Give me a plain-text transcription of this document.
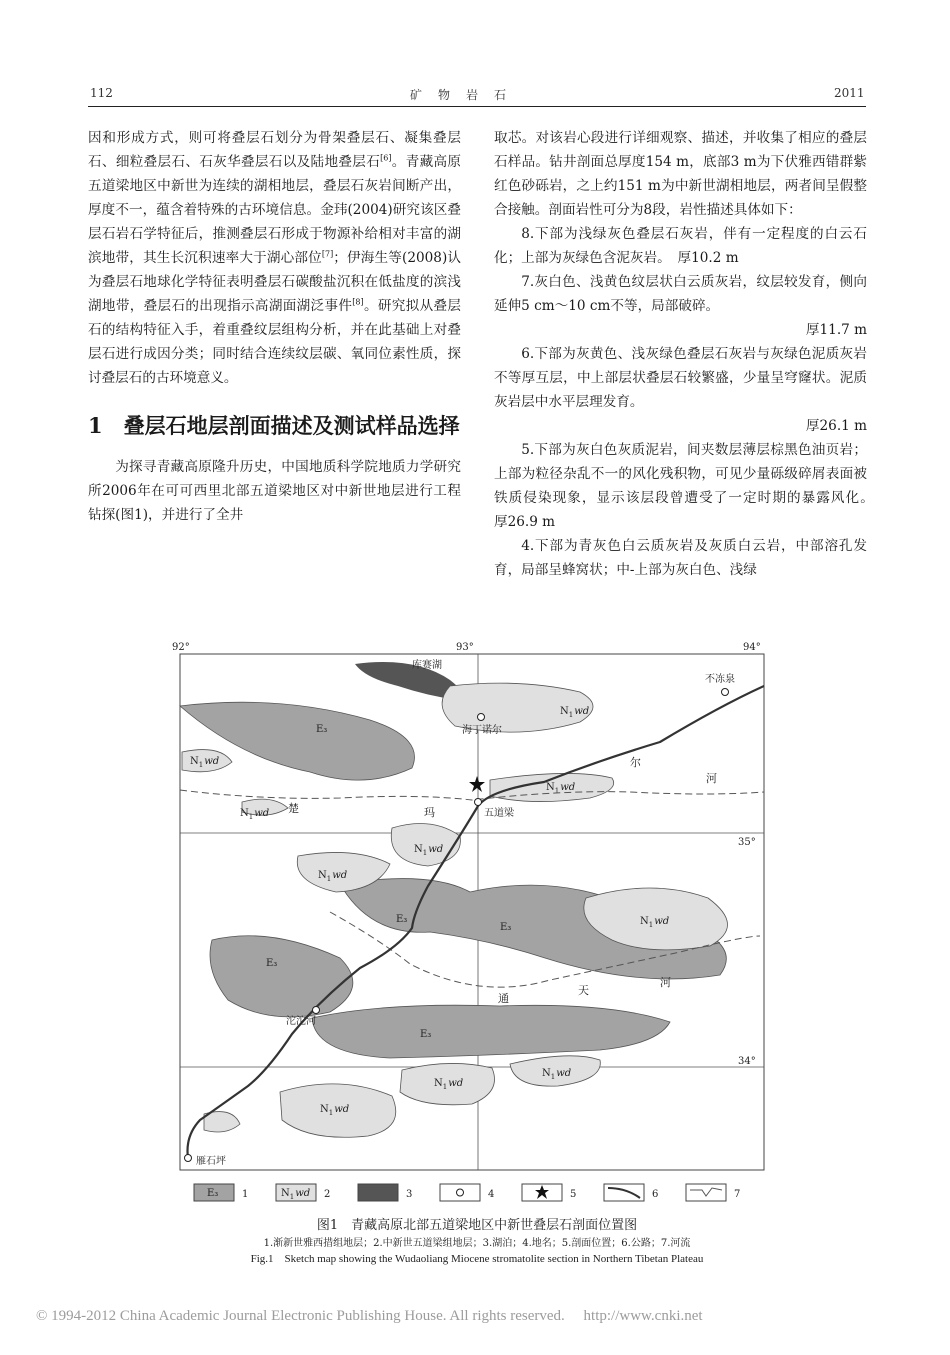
112	矿　物　岩　石	2011

因和形成方式，则可将叠层石划分为骨架叠层石、凝集叠层石、细粒叠层石、石灰华叠层石以及陆地叠层石[6]。青藏高原五道梁地区中新世为连续的湖相地层，叠层石灰岩间断产出，厚度不一，蕴含着特殊的古环境信息。金玮(2004)研究该区叠层石岩石学特征后，推测叠层石形成于物源补给相对丰富的湖滨地带，其生长沉积速率大于湖心部位[7]；伊海生等(2008)认为叠层石地球化学特征表明叠层石碳酸盐沉积在低盐度的滨浅湖地带，叠层石的出现指示高湖面湖泛事件[8]。研究拟从叠层石的结构特征入手，着重叠纹层组构分析，并在此基础上对叠层石进行成因分类；同时结合连续纹层碳、氧同位素性质，探讨叠层石的古环境意义。

1　叠层石地层剖面描述及测试样品选择

为探寻青藏高原隆升历史，中国地质科学院地质力学研究所2006年在可可西里北部五道梁地区对中新世地层进行工程钻探(图1)，并进行了全井

取芯。对该岩心段进行详细观察、描述，并收集了相应的叠层石样品。钻井剖面总厚度154 m，底部3 m为下伏雅西错群紫红色砂砾岩，之上约151 m为中新世湖相地层，两者间呈假整合接触。剖面岩性可分为8段，岩性描述具体如下：

8.下部为浅绿灰色叠层石灰岩，伴有一定程度的白云石化；上部为灰绿色含泥灰岩。　厚10.2 m

7.灰白色、浅黄色纹层状白云质灰岩，纹层较发育，侧向延伸5 cm～10 cm不等，局部破碎。

厚11.7 m

6.下部为灰黄色、浅灰绿色叠层石灰岩与灰绿色泥质灰岩不等厚互层，中上部层状叠层石较繁盛，少量呈穹窿状。泥质灰岩层中水平层理发育。

厚26.1 m

5.下部为灰白色灰质泥岩，间夹数层薄层棕黑色油页岩；上部为粒径杂乱不一的风化残积物，可见少量砾级碎屑表面被铁质侵染现象，显示该层段曾遭受了一定时期的暴露风化。　　厚26.9 m

4.下部为青灰色白云质灰岩及灰质白云岩，中部溶孔发育，局部呈蜂窝状；中-上部为灰白色、浅绿

$N_1wd$
92°	93°	94°
35°
34°
库赛湖
E₃
E₃
E₃
E₃
E₃
楚	玛
尔
河
通
天
河
海丁诺尔
不冻泉
五道梁
沱沱河
雁石坪
E₃ 1	2	3	4	5	6	7
图1　青藏高原北部五道梁地区中新世叠层石剖面位置图
1.渐新世雅西措组地层；2.中新世五道梁组地层；3.湖泊；4.地名；5.剖面位置；6.公路；7.河流
Fig.1　Sketch map showing the Wudaoliang Miocene stromatolite section in Northern Tibetan Plateau
© 1994-2012 China Academic Journal Electronic Publishing House. All rights reserved.　 http://www.cnki.net
